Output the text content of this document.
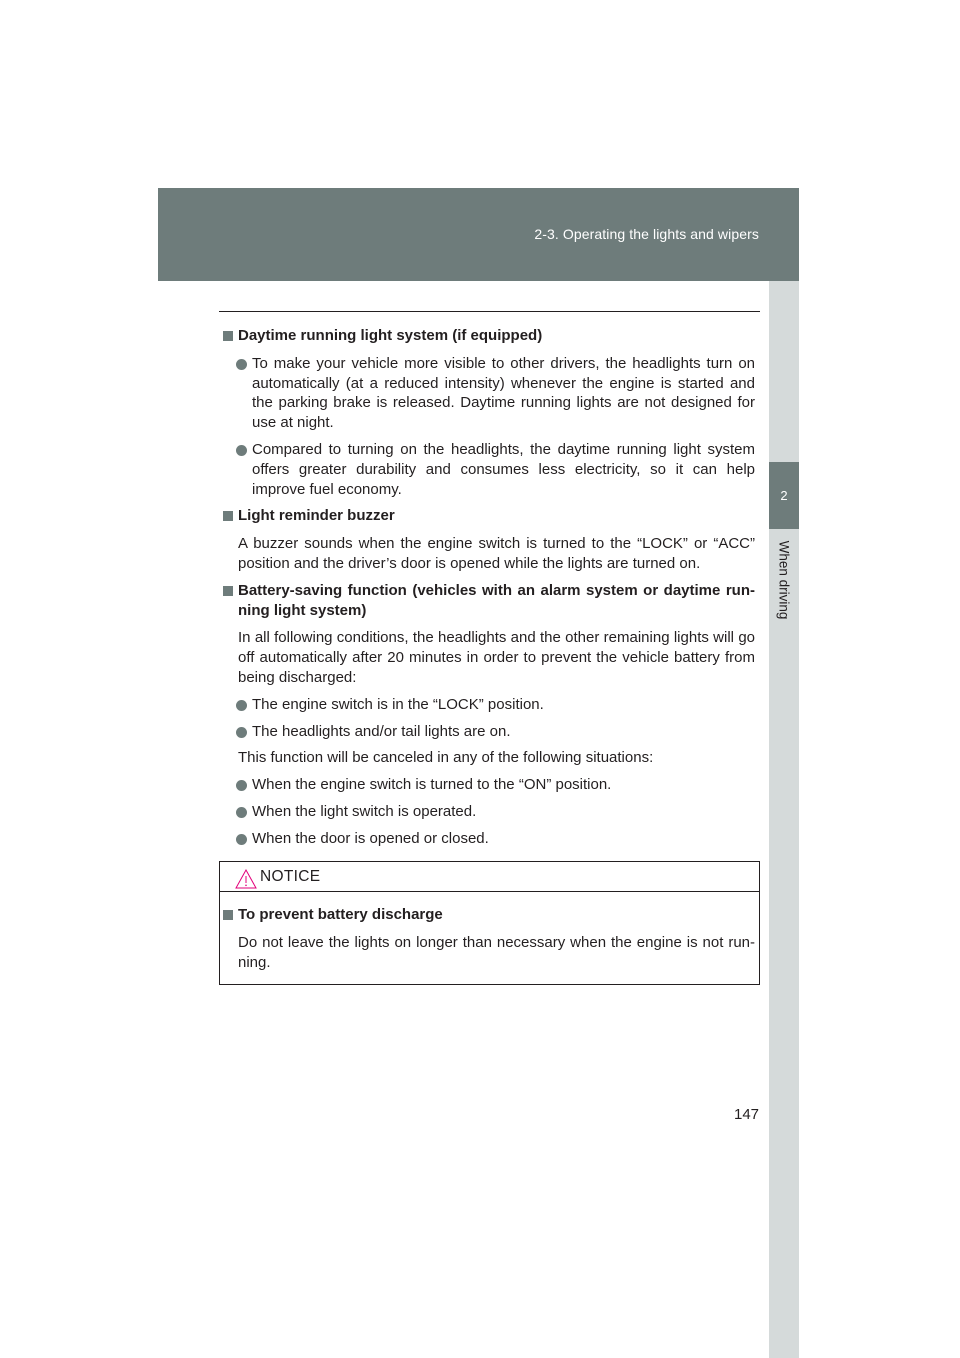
2-3. Operating the lights and wipers
2
When driving

Daytime running light system (if equipped)

To make your vehicle more visible to other drivers, the headlights turn on automatically (at a reduced intensity) whenever the engine is started and the parking brake is released. Daytime running lights are not designed for use at night.

Compared to turning on the headlights, the daytime running light system offers greater durability and consumes less electricity, so it can help improve fuel economy.

Light reminder buzzer

A buzzer sounds when the engine switch is turned to the “LOCK” or “ACC” position and the driver’s door is opened while the lights are turned on.

Battery-saving function (vehicles with an alarm system or daytime run-ning light system)

In all following conditions, the headlights and the other remaining lights will go off automatically after 20 minutes in order to prevent the vehicle battery from being discharged:

The engine switch is in the “LOCK” position.

The headlights and/or tail lights are on.

This function will be canceled in any of the following situations:

When the engine switch is turned to the “ON” position.

When the light switch is operated.

When the door is opened or closed.

NOTICE

To prevent battery discharge

Do not leave the lights on longer than necessary when the engine is not run-ning.

147
